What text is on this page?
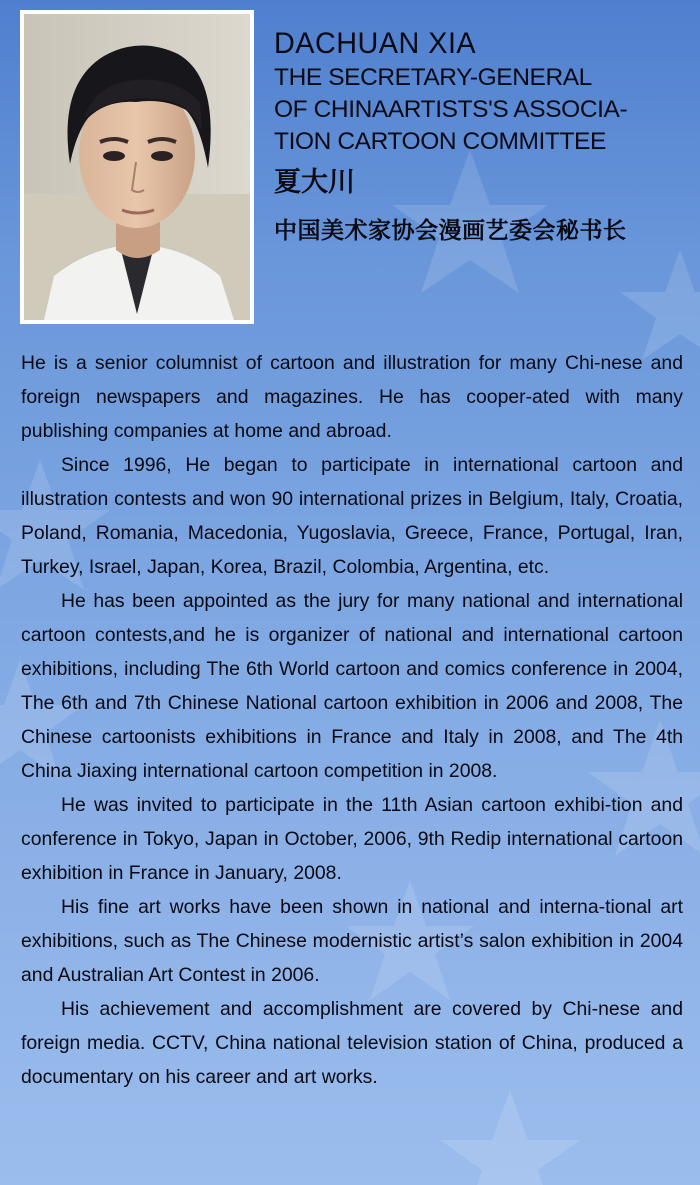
DACHUAN XIA
THE SECRETARY-GENERAL
OF CHINAARTISTS'S ASSOCIA-
TION CARTOON COMMITTEE
夏大川
中国美术家协会漫画艺委会秘书长

He is a senior columnist of cartoon and illustration for many Chi-nese and foreign newspapers and magazines. He has cooper-ated with many publishing companies at home and abroad.

Since 1996, He began to participate in international cartoon and illustration contests and won 90 international prizes in Belgium, Italy, Croatia, Poland, Romania, Macedonia, Yugoslavia, Greece, France, Portugal, Iran, Turkey, Israel, Japan, Korea, Brazil, Colombia, Argentina, etc.

He has been appointed as the jury for many national and international cartoon contests,and he is organizer of national and international cartoon exhibitions, including The 6th World cartoon and comics conference in 2004, The 6th and 7th Chinese National cartoon exhibition in 2006 and 2008, The Chinese cartoonists exhibitions in France and Italy in 2008, and The 4th China Jiaxing international cartoon competition in 2008.

He was invited to participate in the 11th Asian cartoon exhibi-tion and conference in Tokyo, Japan in October, 2006, 9th Redip international cartoon exhibition in France in January, 2008.

His fine art works have been shown in national and interna-tional art exhibitions, such as The Chinese modernistic artist’s salon exhibition in 2004 and Australian Art Contest in 2006.

His achievement and accomplishment are covered by Chi-nese and foreign media. CCTV, China national television station of China, produced a documentary on his career and art works.
